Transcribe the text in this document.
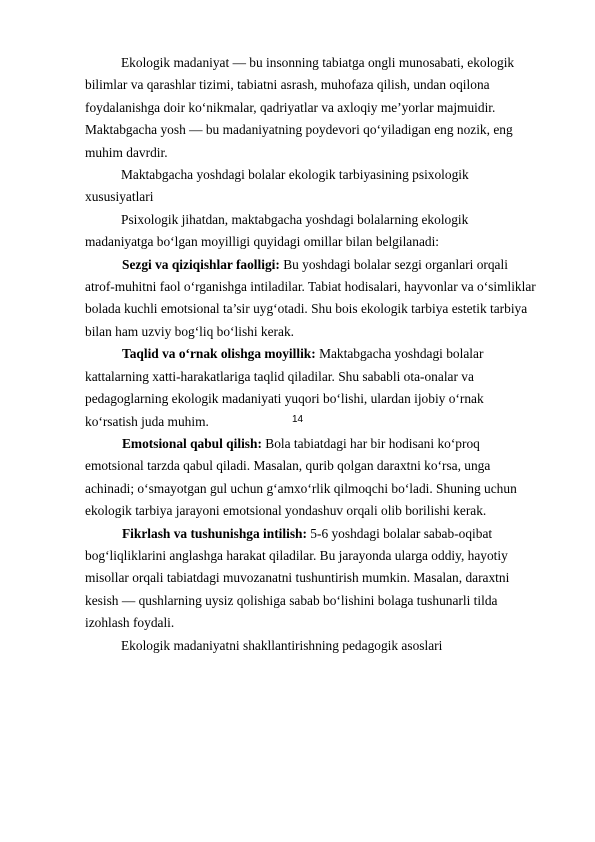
Ekologik madaniyat — bu insonning tabiatga ongli munosabati, ekologik bilimlar va qarashlar tizimi, tabiatni asrash, muhofaza qilish, undan oqilona foydalanishga doir ko‘nikmalar, qadriyatlar va axloqiy me’yorlar majmuidir. Maktabgacha yosh — bu madaniyatning poydevori qo‘yiladigan eng nozik, eng muhim davrdir.

Maktabgacha yoshdagi bolalar ekologik tarbiyasining psixologik xususiyatlari

Psixologik jihatdan, maktabgacha yoshdagi bolalarning ekologik madaniyatga bo‘lgan moyilligi quyidagi omillar bilan belgilanadi:

Sezgi va qiziqishlar faolligi: Bu yoshdagi bolalar sezgi organlari orqali atrof-muhitni faol o‘rganishga intiladilar. Tabiat hodisalari, hayvonlar va o‘simliklar bolada kuchli emotsional ta’sir uyg‘otadi. Shu bois ekologik tarbiya estetik tarbiya bilan ham uzviy bog‘liq bo‘lishi kerak.

Taqlid va o‘rnak olishga moyillik: Maktabgacha yoshdagi bolalar kattalarning xatti-harakatlariga taqlid qiladilar. Shu sababli ota-onalar va pedagoglarning ekologik madaniyati yuqori bo‘lishi, ulardan ijobiy o‘rnak ko‘rsatish juda muhim.

Emotsional qabul qilish: Bola tabiatdagi har bir hodisani ko‘proq emotsional tarzda qabul qiladi. Masalan, qurib qolgan daraxtni ko‘rsa, unga achinadi; o‘smayotgan gul uchun g‘amxo‘rlik qilmoqchi bo‘ladi. Shuning uchun ekologik tarbiya jarayoni emotsional yondashuv orqali olib borilishi kerak.

Fikrlash va tushunishga intilish: 5-6 yoshdagi bolalar sabab-oqibat bog‘liqliklarini anglashga harakat qiladilar. Bu jarayonda ularga oddiy, hayotiy misollar orqali tabiatdagi muvozanatni tushuntirish mumkin. Masalan, daraxtni kesish — qushlarning uysiz qolishiga sabab bo‘lishini bolaga tushunarli tilda izohlash foydali.

Ekologik madaniyatni shakllantirishning pedagogik asoslari

14
